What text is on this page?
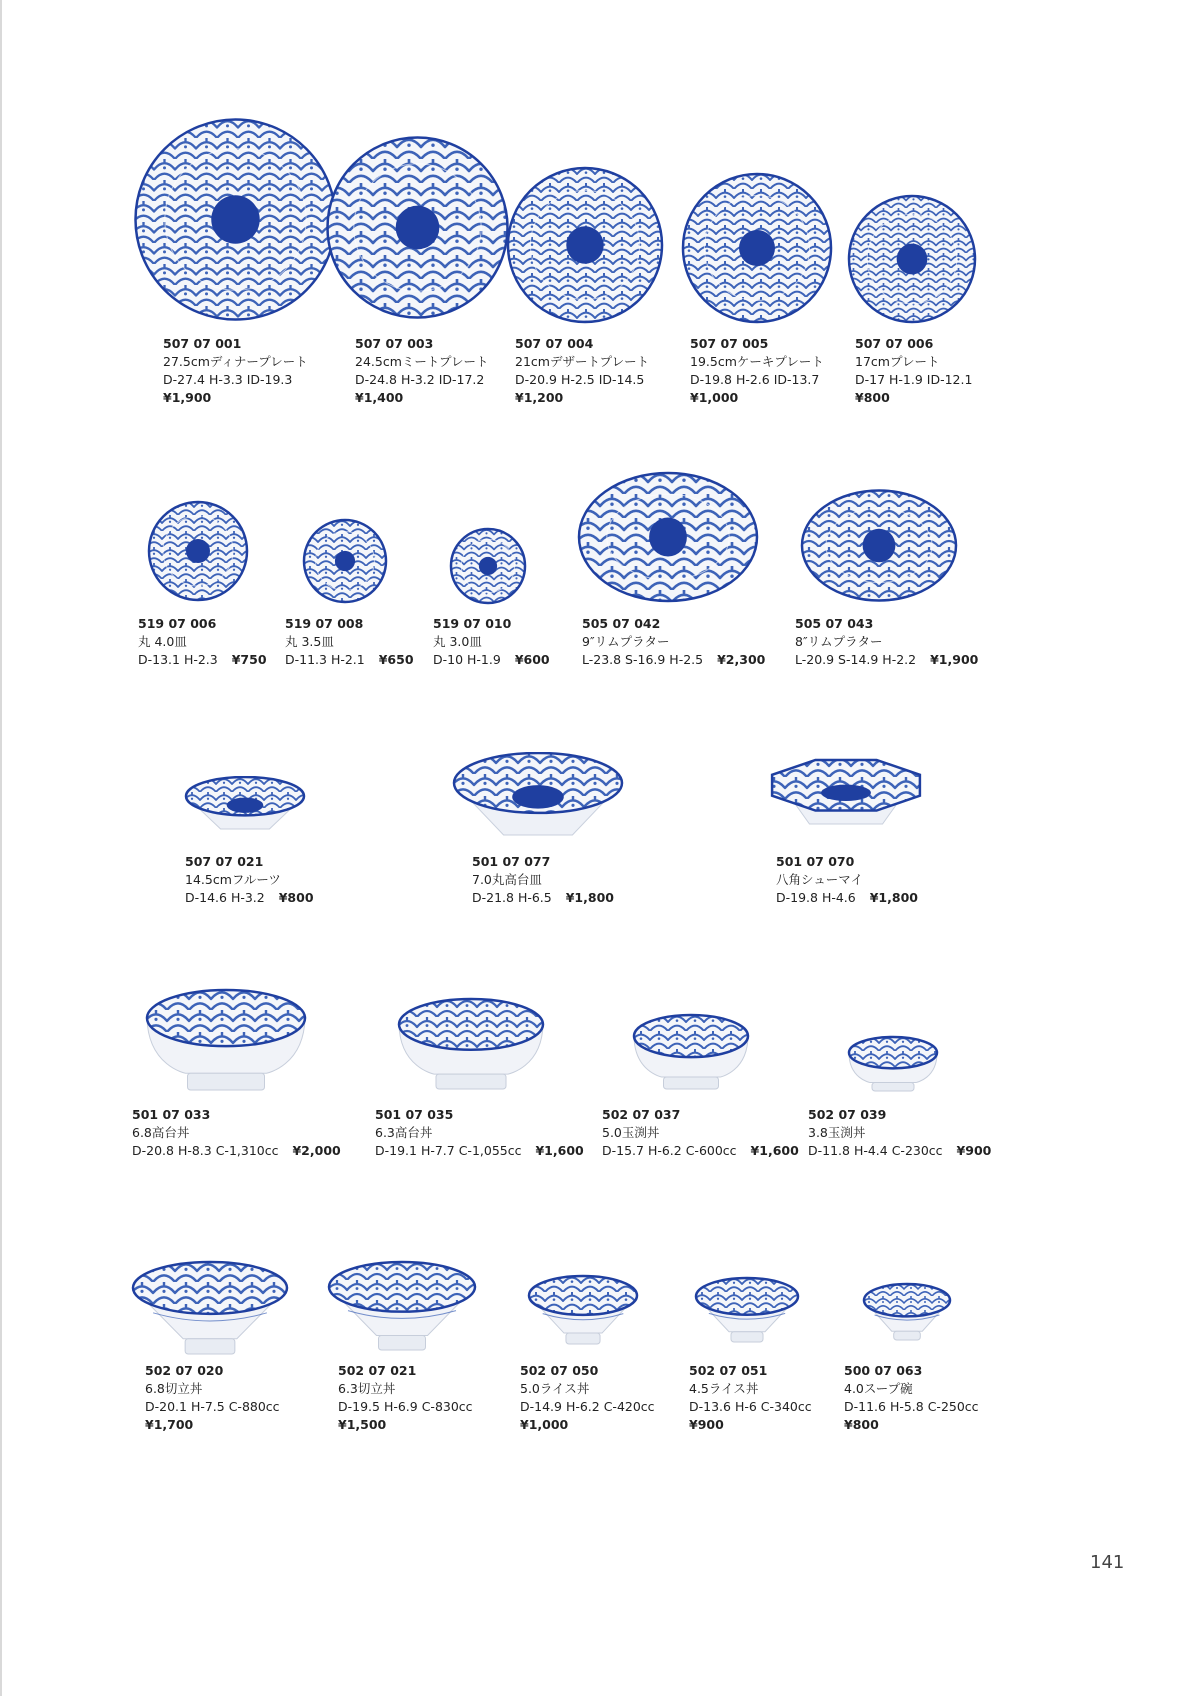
507 07 001
27.5cmディナープレート
D-27.4 H-3.3 ID-19.3
¥1,900
507 07 003
24.5cmミートプレート
D-24.8 H-3.2 ID-17.2
¥1,400
507 07 004
21cmデザートプレート
D-20.9 H-2.5 ID-14.5
¥1,200
507 07 005
19.5cmケーキプレート
D-19.8 H-2.6 ID-13.7
¥1,000
507 07 006
17cmプレート
D-17 H-1.9 ID-12.1
¥800
519 07 006
丸 4.0皿
D-13.1 H-2.3 ¥750
519 07 008
丸 3.5皿
D-11.3 H-2.1 ¥650
519 07 010
丸 3.0皿
D-10 H-1.9 ¥600
505 07 042
9″リムプラター
L-23.8 S-16.9 H-2.5 ¥2,300
505 07 043
8″リムプラター
L-20.9 S-14.9 H-2.2 ¥1,900
507 07 021
14.5cmフルーツ
D-14.6 H-3.2 ¥800
501 07 077
7.0丸高台皿
D-21.8 H-6.5 ¥1,800
501 07 070
八角シューマイ
D-19.8 H-4.6 ¥1,800
501 07 033
6.8高台丼
D-20.8 H-8.3 C-1,310cc ¥2,000
501 07 035
6.3高台丼
D-19.1 H-7.7 C-1,055cc ¥1,600
502 07 037
5.0玉渕丼
D-15.7 H-6.2 C-600cc ¥1,600
502 07 039
3.8玉渕丼
D-11.8 H-4.4 C-230cc ¥900
502 07 020
6.8切立丼
D-20.1 H-7.5 C-880cc
¥1,700
502 07 021
6.3切立丼
D-19.5 H-6.9 C-830cc
¥1,500
502 07 050
5.0ライス丼
D-14.9 H-6.2 C-420cc
¥1,000
502 07 051
4.5ライス丼
D-13.6 H-6 C-340cc
¥900
500 07 063
4.0スープ碗
D-11.6 H-5.8 C-250cc
¥800
141
